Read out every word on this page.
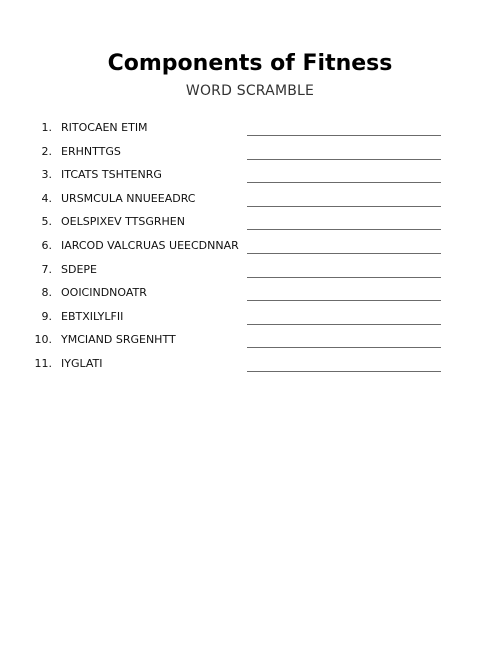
Components of Fitness
WORD SCRAMBLE
1. RITOCAEN ETIM
2. ERHNTTGS
3. ITCATS TSHTENRG
4. URSMCULA NNUEEADRC
5. OELSPIXEV TTSGRHEN
6. IARCOD VALCRUAS UEECDNNAR
7. SDEPE
8. OOICINDNOATR
9. EBTXILYLFII
10. YMCIAND SRGENHTT
11. IYGLATI
